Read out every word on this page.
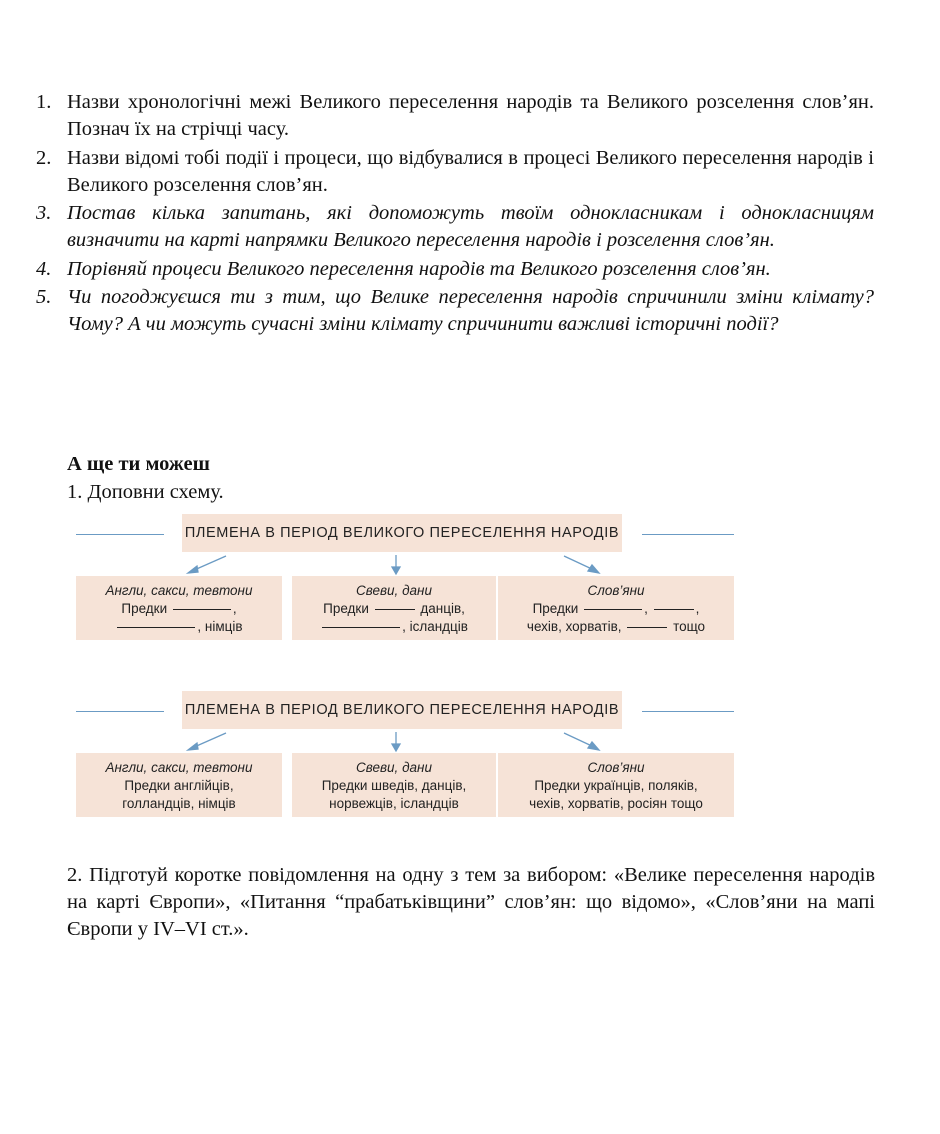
1. Назви хронологічні межі Великого переселення народів та Великого розселення слов’ян. Познач їх на стрічці часу.
2. Назви відомі тобі події і процеси, що відбувалися в процесі Великого переселення народів і Великого розселення слов’ян.
3. Постав кілька запитань, які допоможуть твоїм однокласникам і однокласницям визначити на карті напрямки Великого переселення народів і розселення слов’ян.
4. Порівняй процеси Великого переселення народів та Великого розселення слов’ян.
5. Чи погоджуєшся ти з тим, що Велике переселення народів спричинили зміни клімату? Чому? А чи можуть сучасні зміни клімату спричинити важливі історичні події?
А ще ти можеш
1. Доповни схему.
ПЛЕМЕНА В ПЕРІОД ВЕЛИКОГО ПЕРЕСЕЛЕННЯ НАРОДІВ
Англи, сакси, тевтони
Предки	,
, німців
Свеви, дани
Предки	данців,
, ісландців
Слов’яни
Предки	,	,
чехів, хорватів,	тощо
ПЛЕМЕНА В ПЕРІОД ВЕЛИКОГО ПЕРЕСЕЛЕННЯ НАРОДІВ
Англи, сакси, тевтони
Предки англійців,
голландців, німців
Свеви, дани
Предки шведів, данців,
норвежців, ісландців
Слов’яни
Предки українців, поляків,
чехів, хорватів, росіян тощо
2. Підготуй коротке повідомлення на одну з тем за вибором: «Велике переселення народів на карті Європи», «Питання “прабатьківщини” слов’ян: що відомо», «Слов’яни на мапі Європи у IV–VI ст.».
